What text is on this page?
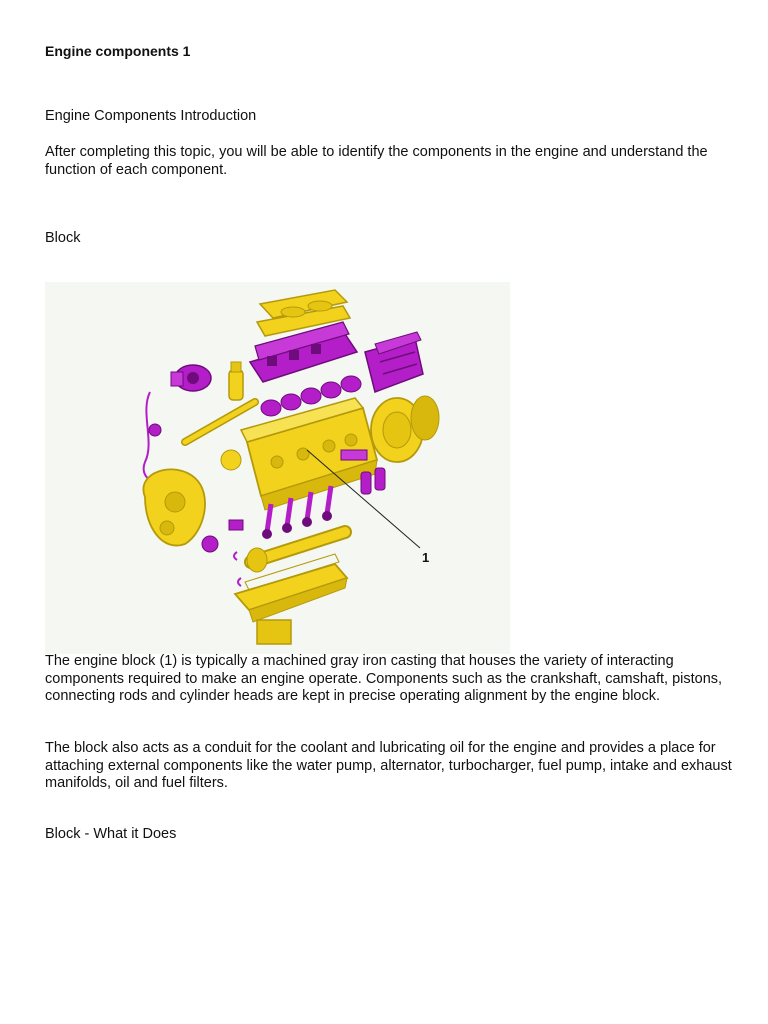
Engine components 1
Engine Components Introduction
After completing this topic, you will be able to identify the components in the engine and understand the function of each component.
Block
1
The engine block (1) is typically a machined gray iron casting that houses the variety of interacting components required to make an engine operate. Components such as the crankshaft, camshaft, pistons, connecting rods and cylinder heads are kept in precise operating alignment by the engine block.
The block also acts as a conduit for the coolant and lubricating oil for the engine and provides a place for attaching external components like the water pump, alternator, turbocharger, fuel pump, intake and exhaust manifolds, oil and fuel filters.
Block - What it Does
